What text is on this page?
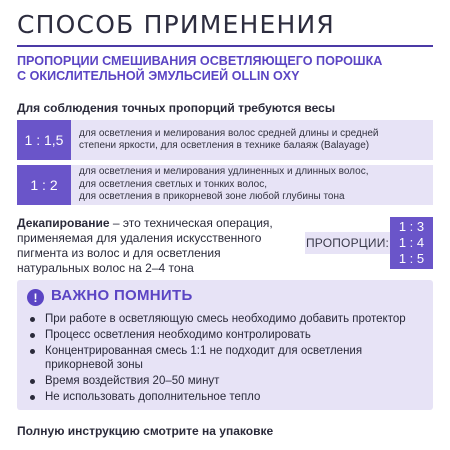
СПОСОБ ПРИМЕНЕНИЯ
ПРОПОРЦИИ СМЕШИВАНИЯ ОСВЕТЛЯЮЩЕГО ПОРОШКА
С ОКИСЛИТЕЛЬНОЙ ЭМУЛЬСИЕЙ OLLIN OXY
Для соблюдения точных пропорций требуются весы
1 : 1,5	для осветления и мелирования волос средней длины и средней
степени яркости, для осветления в технике балаяж (Balayage)
1 : 2
для осветления и мелирования удлиненных и длинных волос,
для осветления светлых и тонких волос,
для осветления в прикорневой зоне любой глубины тона
Декапирование – это техническая операция,
применяемая для удаления искусственного
пигмента из волос и для осветления
натуральных волос на 2–4 тона
ПРОПОРЦИИ:
1 : 3
1 : 4
1 : 5
! ВАЖНО ПОМНИТЬ
При работе в осветляющую смесь необходимо добавить протектор
Процесс осветления необходимо контролировать
Концентрированная смесь 1:1 не подходит для осветления
прикорневой зоны
Время воздействия 20–50 минут
Не использовать дополнительное тепло
Полную инструкцию смотрите на упаковке
